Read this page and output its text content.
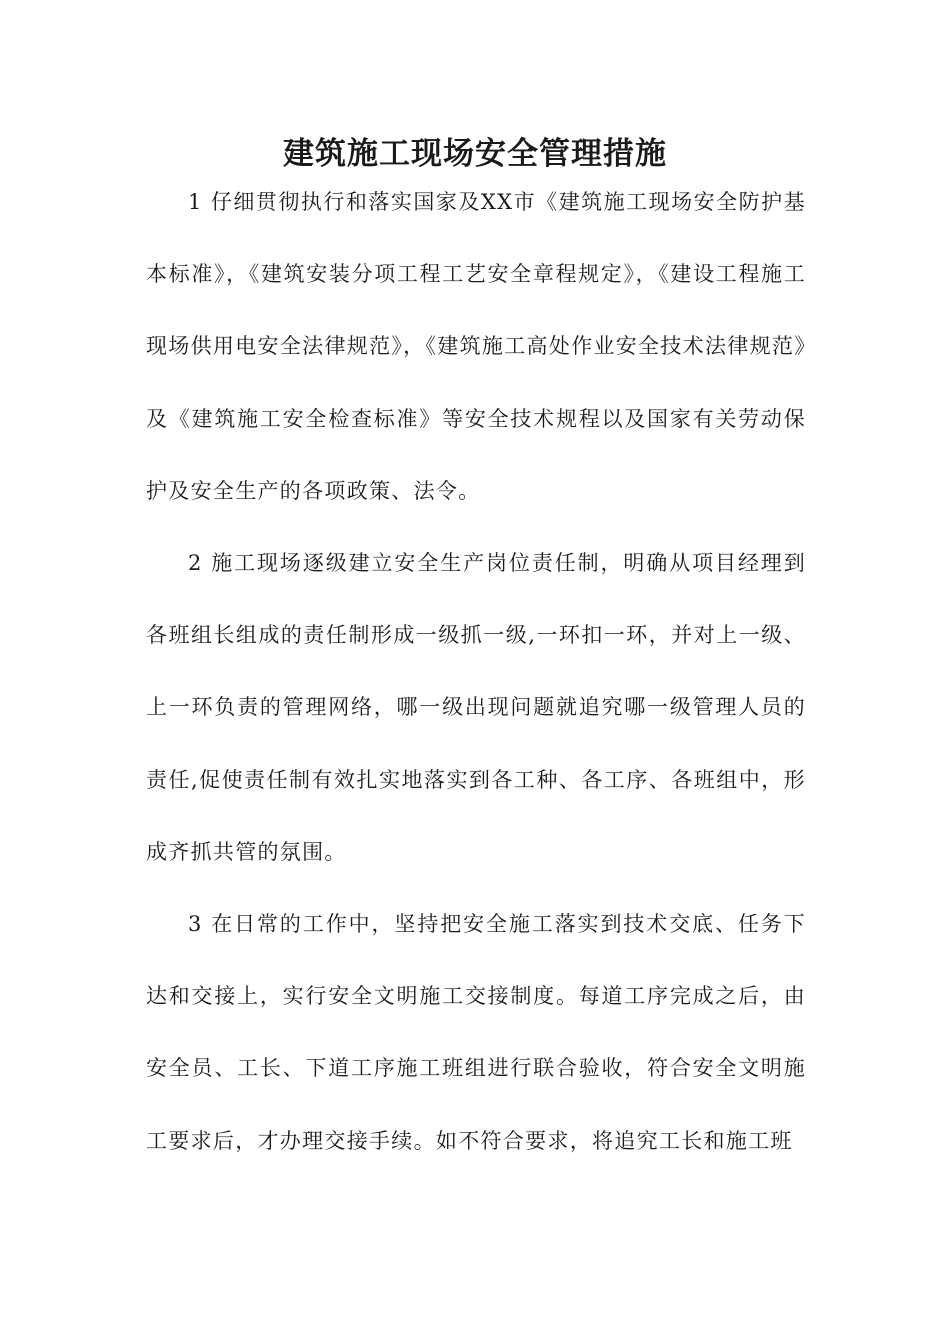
建筑施工现场安全管理措施

1 仔细贯彻执行和落实国家及XX市《建筑施工现场安全防护基本标准》，《建筑安装分项工程工艺安全章程规定》，《建设工程施工现场供用电安全法律规范》，《建筑施工高处作业安全技术法律规范》及《建筑施工安全检查标准》等安全技术规程以及国家有关劳动保护及安全生产的各项政策、法令。

2 施工现场逐级建立安全生产岗位责任制，明确从项目经理到各班组长组成的责任制形成一级抓一级,一环扣一环，并对上一级、上一环负责的管理网络，哪一级出现问题就追究哪一级管理人员的责任,促使责任制有效扎实地落实到各工种、各工序、各班组中，形成齐抓共管的氛围。

3 在日常的工作中，坚持把安全施工落实到技术交底、任务下达和交接上，实行安全文明施工交接制度。每道工序完成之后，由安全员、工长、下道工序施工班组进行联合验收，符合安全文明施工要求后，才办理交接手续。如不符合要求，将追究工长和施工班
